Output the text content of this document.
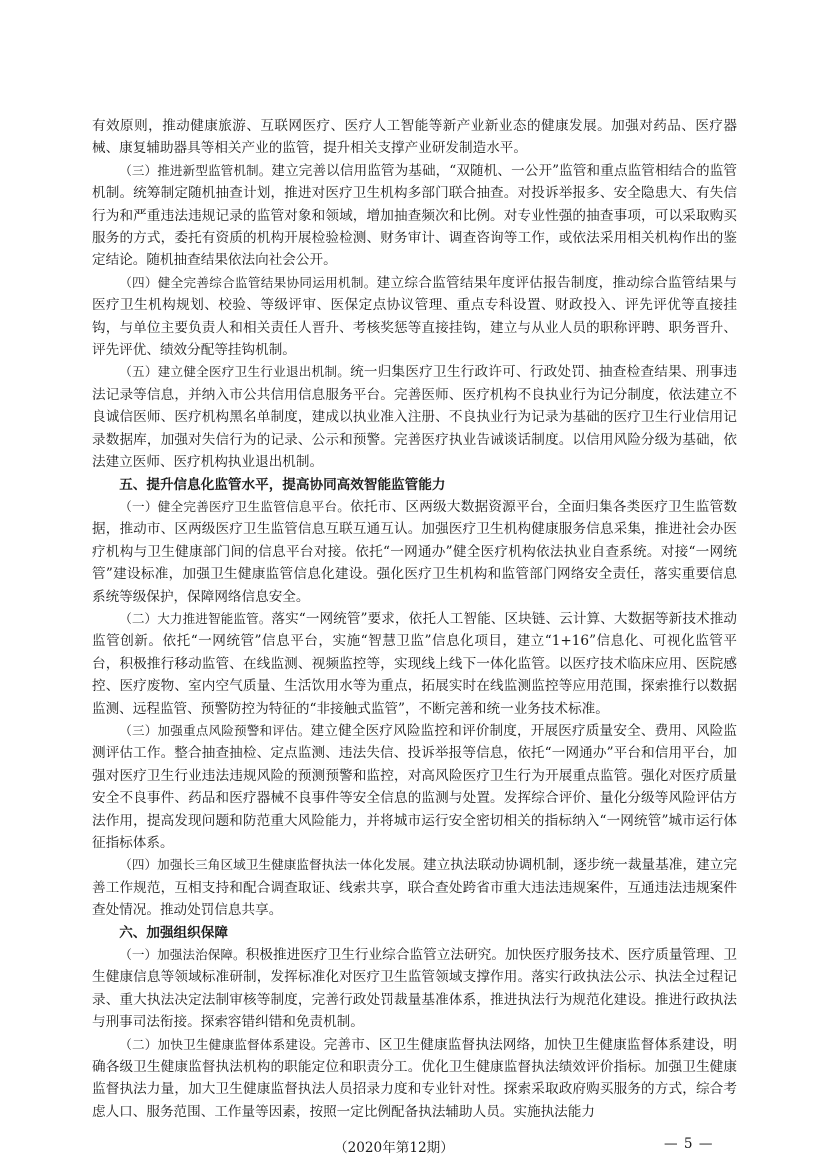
有效原则，推动健康旅游、互联网医疗、医疗人工智能等新产业新业态的健康发展。加强对药品、医疗器械、康复辅助器具等相关产业的监管，提升相关支撑产业研发制造水平。

（三）推进新型监管机制。建立完善以信用监管为基础，“双随机、一公开”监管和重点监管相结合的监管机制。统筹制定随机抽查计划，推进对医疗卫生机构多部门联合抽查。对投诉举报多、安全隐患大、有失信行为和严重违法违规记录的监管对象和领域，增加抽查频次和比例。对专业性强的抽查事项，可以采取购买服务的方式，委托有资质的机构开展检验检测、财务审计、调查咨询等工作，或依法采用相关机构作出的鉴定结论。随机抽查结果依法向社会公开。

（四）健全完善综合监管结果协同运用机制。建立综合监管结果年度评估报告制度，推动综合监管结果与医疗卫生机构规划、校验、等级评审、医保定点协议管理、重点专科设置、财政投入、评先评优等直接挂钩，与单位主要负责人和相关责任人晋升、考核奖惩等直接挂钩，建立与从业人员的职称评聘、职务晋升、评先评优、绩效分配等挂钩机制。

（五）建立健全医疗卫生行业退出机制。统一归集医疗卫生行政许可、行政处罚、抽查检查结果、刑事违法记录等信息，并纳入市公共信用信息服务平台。完善医师、医疗机构不良执业行为记分制度，依法建立不良诚信医师、医疗机构黑名单制度，建成以执业准入注册、不良执业行为记录为基础的医疗卫生行业信用记录数据库，加强对失信行为的记录、公示和预警。完善医疗执业告诫谈话制度。以信用风险分级为基础，依法建立医师、医疗机构执业退出机制。

五、提升信息化监管水平，提高协同高效智能监管能力

（一）健全完善医疗卫生监管信息平台。依托市、区两级大数据资源平台，全面归集各类医疗卫生监管数据，推动市、区两级医疗卫生监管信息互联互通互认。加强医疗卫生机构健康服务信息采集，推进社会办医疗机构与卫生健康部门间的信息平台对接。依托“一网通办”健全医疗机构依法执业自查系统。对接“一网统管”建设标准，加强卫生健康监管信息化建设。强化医疗卫生机构和监管部门网络安全责任，落实重要信息系统等级保护，保障网络信息安全。

（二）大力推进智能监管。落实“一网统管”要求，依托人工智能、区块链、云计算、大数据等新技术推动监管创新。依托“一网统管”信息平台，实施“智慧卫监”信息化项目，建立“1+16”信息化、可视化监管平台，积极推行移动监管、在线监测、视频监控等，实现线上线下一体化监管。以医疗技术临床应用、医院感控、医疗废物、室内空气质量、生活饮用水等为重点，拓展实时在线监测监控等应用范围，探索推行以数据监测、远程监管、预警防控为特征的“非接触式监管”，不断完善和统一业务技术标准。

（三）加强重点风险预警和评估。建立健全医疗风险监控和评价制度，开展医疗质量安全、费用、风险监测评估工作。整合抽查抽检、定点监测、违法失信、投诉举报等信息，依托“一网通办”平台和信用平台，加强对医疗卫生行业违法违规风险的预测预警和监控，对高风险医疗卫生行为开展重点监管。强化对医疗质量安全不良事件、药品和医疗器械不良事件等安全信息的监测与处置。发挥综合评价、量化分级等风险评估方法作用，提高发现问题和防范重大风险能力，并将城市运行安全密切相关的指标纳入“一网统管”城市运行体征指标体系。

（四）加强长三角区域卫生健康监督执法一体化发展。建立执法联动协调机制，逐步统一裁量基准，建立完善工作规范，互相支持和配合调查取证、线索共享，联合查处跨省市重大违法违规案件，互通违法违规案件查处情况。推动处罚信息共享。

六、加强组织保障

（一）加强法治保障。积极推进医疗卫生行业综合监管立法研究。加快医疗服务技术、医疗质量管理、卫生健康信息等领域标准研制，发挥标准化对医疗卫生监管领域支撑作用。落实行政执法公示、执法全过程记录、重大执法决定法制审核等制度，完善行政处罚裁量基准体系，推进执法行为规范化建设。推进行政执法与刑事司法衔接。探索容错纠错和免责机制。

（二）加快卫生健康监督体系建设。完善市、区卫生健康监督执法网络，加快卫生健康监督体系建设，明确各级卫生健康监督执法机构的职能定位和职责分工。优化卫生健康监督执法绩效评价指标。加强卫生健康监督执法力量，加大卫生健康监督执法人员招录力度和专业针对性。探索采取政府购买服务的方式，综合考虑人口、服务范围、工作量等因素，按照一定比例配备执法辅助人员。实施执法能力

（2020年第12期）	— 5 —
